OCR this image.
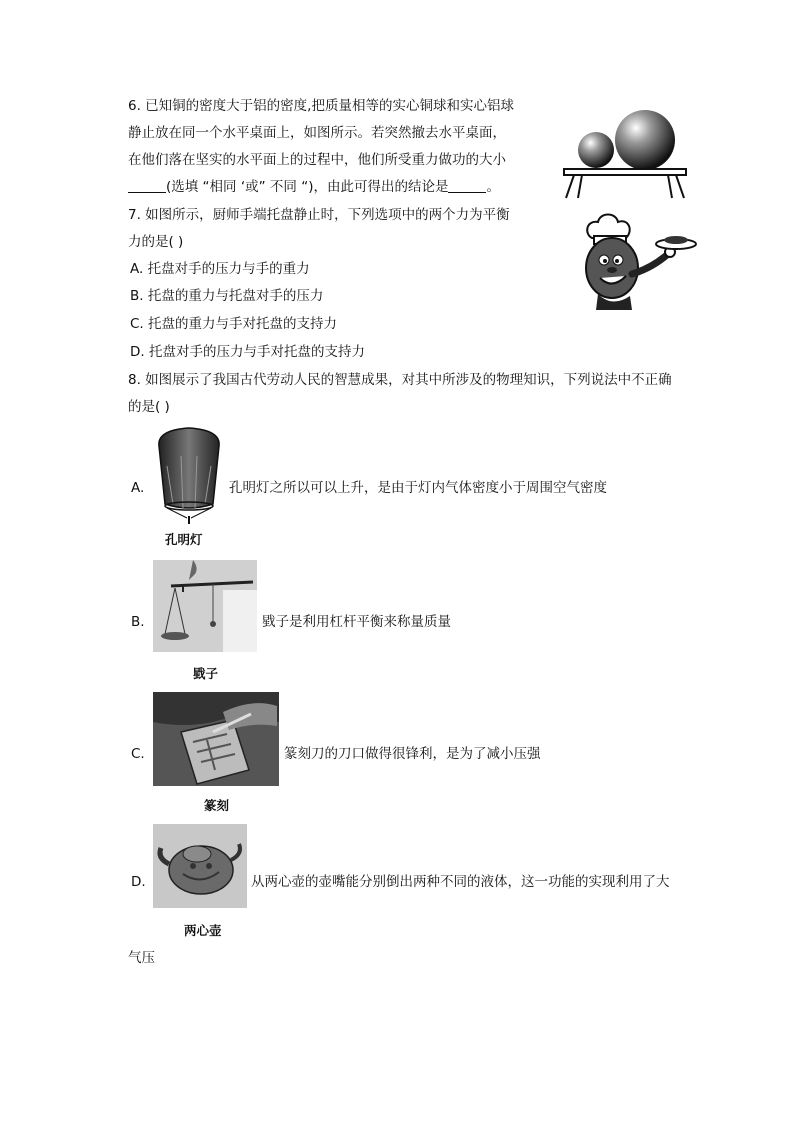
6. 已知铜的密度大于铝的密度,把质量相等的实心铜球和实心铝球
静止放在同一个水平桌面上，如图所示。若突然撤去水平桌面，
在他们落在坚实的水平面上的过程中，他们所受重力做功的大小
(选填 “相同 ‘或” 不同 “)，由此可得出的结论是	。
7. 如图所示，厨师手端托盘静止时，下列选项中的两个力为平衡
力的是( )
A. 托盘对手的压力与手的重力
B. 托盘的重力与托盘对手的压力
C. 托盘的重力与手对托盘的支持力
D. 托盘对手的压力与手对托盘的支持力
8. 如图展示了我国古代劳动人民的智慧成果，对其中所涉及的物理知识，下列说法中不正确
的是( )
A.	孔明灯之所以可以上升，是由于灯内气体密度小于周围空气密度
孔明灯
B.	戥子是利用杠杆平衡来称量质量
戥子
C.	篆刻刀的刀口做得很锋利，是为了减小压强
篆刻
D.	从两心壶的壶嘴能分别倒出两种不同的液体，这一功能的实现利用了大
两心壶
气压
